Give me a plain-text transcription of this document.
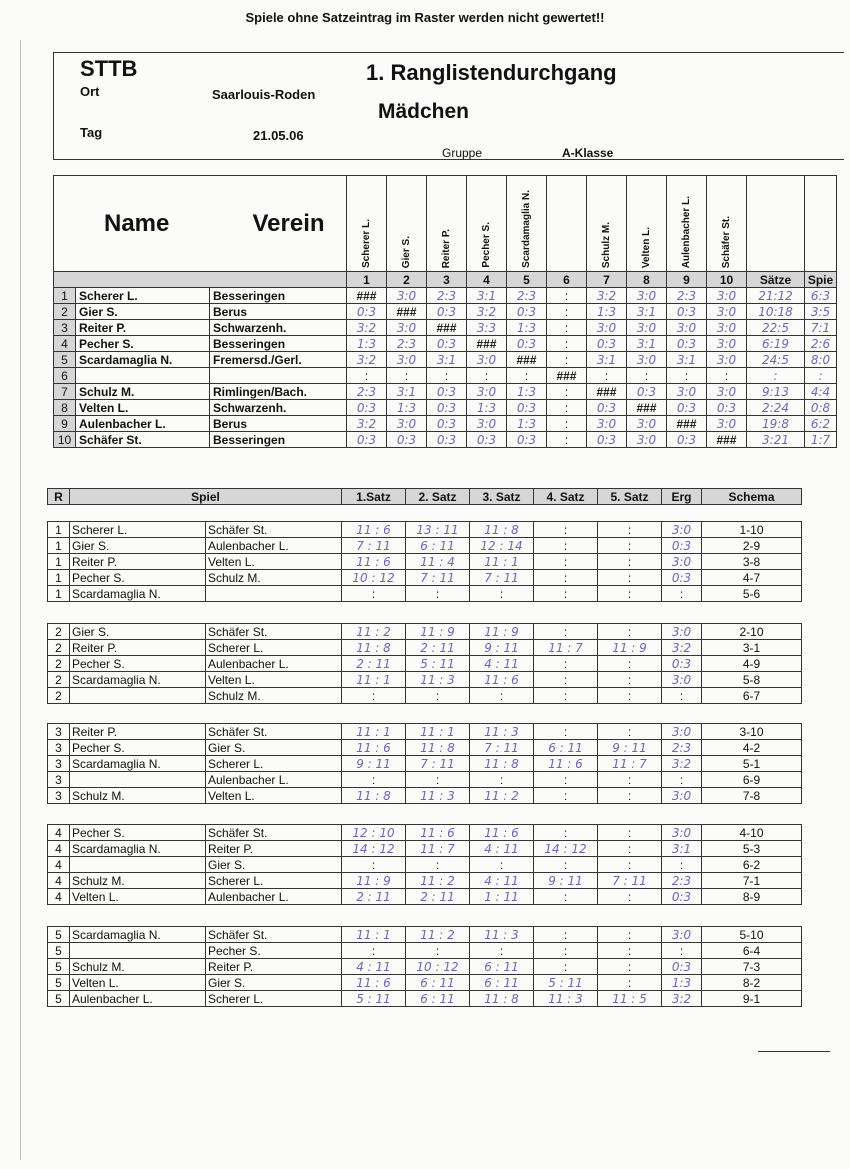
Spiele ohne Satzeintrag im Raster werden nicht gewertet!!
STTB
Ort	Saarlouis-Roden
Tag	21.05.06
1. Ranglistendurchgang
Mädchen
Gruppe	A-Klasse
Name		Verein	Scherer L.	Gier S.	Reiter P.	Pecher S.	Scardamaglia N.		Schulz M.	Velten L.	Aulenbacher L.	Schäfer St.		
			1	2	3	4	5	6	7	8	9	10	Sätze	Spie
1	Scherer L.	Besseringen	###	3:0	2:3	3:1	2:3	:	3:2	3:0	2:3	3:0	21:12	6:3
2	Gier S.	Berus	0:3	###	0:3	3:2	0:3	:	1:3	3:1	0:3	3:0	10:18	3:5
3	Reiter P.	Schwarzenh.	3:2	3:0	###	3:3	1:3	:	3:0	3:0	3:0	3:0	22:5	7:1
4	Pecher S.	Besseringen	1:3	2:3	0:3	###	0:3	:	0:3	3:1	0:3	3:0	6:19	2:6
5	Scardamaglia N.	Fremersd./Gerl.	3:2	3:0	3:1	3:0	###	:	3:1	3:0	3:1	3:0	24:5	8:0
6			:	:	:	:	:	###	:	:	:	:	:	:
7	Schulz M.	Rimlingen/Bach.	2:3	3:1	0:3	3:0	1:3	:	###	0:3	3:0	3:0	9:13	4:4
8	Velten L.	Schwarzenh.	0:3	1:3	0:3	1:3	0:3	:	0:3	###	0:3	0:3	2:24	0:8
9	Aulenbacher L.	Berus	3:2	3:0	0:3	3:0	1:3	:	3:0	3:0	###	3:0	19:8	6:2
10	Schäfer St.	Besseringen	0:3	0:3	0:3	0:3	0:3	:	0:3	3:0	0:3	###	3:21	1:7
R	Spiel	1.Satz	2. Satz	3. Satz	4. Satz	5. Satz	Erg	Schema
1	Scherer L.	Schäfer St.	11 : 6	13 : 11	11 : 8	:	:	3:0	1-10
1	Gier S.	Aulenbacher L.	7 : 11	6 : 11	12 : 14	:	:	0:3	2-9
1	Reiter P.	Velten L.	11 : 6	11 : 4	11 : 1	:	:	3:0	3-8
1	Pecher S.	Schulz M.	10 : 12	7 : 11	7 : 11	:	:	0:3	4-7
1	Scardamaglia N.		:	:	:	:	:	:	5-6
2	Gier S.	Schäfer St.	11 : 2	11 : 9	11 : 9	:	:	3:0	2-10
2	Reiter P.	Scherer L.	11 : 8	2 : 11	9 : 11	11 : 7	11 : 9	3:2	3-1
2	Pecher S.	Aulenbacher L.	2 : 11	5 : 11	4 : 11	:	:	0:3	4-9
2	Scardamaglia N.	Velten L.	11 : 1	11 : 3	11 : 6	:	:	3:0	5-8
2		Schulz M.	:	:	:	:	:	:	6-7
3	Reiter P.	Schäfer St.	11 : 1	11 : 1	11 : 3	:	:	3:0	3-10
3	Pecher S.	Gier S.	11 : 6	11 : 8	7 : 11	6 : 11	9 : 11	2:3	4-2
3	Scardamaglia N.	Scherer L.	9 : 11	7 : 11	11 : 8	11 : 6	11 : 7	3:2	5-1
3		Aulenbacher L.	:	:	:	:	:	:	6-9
3	Schulz M.	Velten L.	11 : 8	11 : 3	11 : 2	:	:	3:0	7-8
4	Pecher S.	Schäfer St.	12 : 10	11 : 6	11 : 6	:	:	3:0	4-10
4	Scardamaglia N.	Reiter P.	14 : 12	11 : 7	4 : 11	14 : 12	:	3:1	5-3
4		Gier S.	:	:	:	:	:	:	6-2
4	Schulz M.	Scherer L.	11 : 9	11 : 2	4 : 11	9 : 11	7 : 11	2:3	7-1
4	Velten L.	Aulenbacher L.	2 : 11	2 : 11	1 : 11	:	:	0:3	8-9
5	Scardamaglia N.	Schäfer St.	11 : 1	11 : 2	11 : 3	:	:	3:0	5-10
5		Pecher S.	:	:	:	:	:	:	6-4
5	Schulz M.	Reiter P.	4 : 11	10 : 12	6 : 11	:	:	0:3	7-3
5	Velten L.	Gier S.	11 : 6	6 : 11	6 : 11	5 : 11	:	1:3	8-2
5	Aulenbacher L.	Scherer L.	5 : 11	6 : 11	11 : 8	11 : 3	11 : 5	3:2	9-1
